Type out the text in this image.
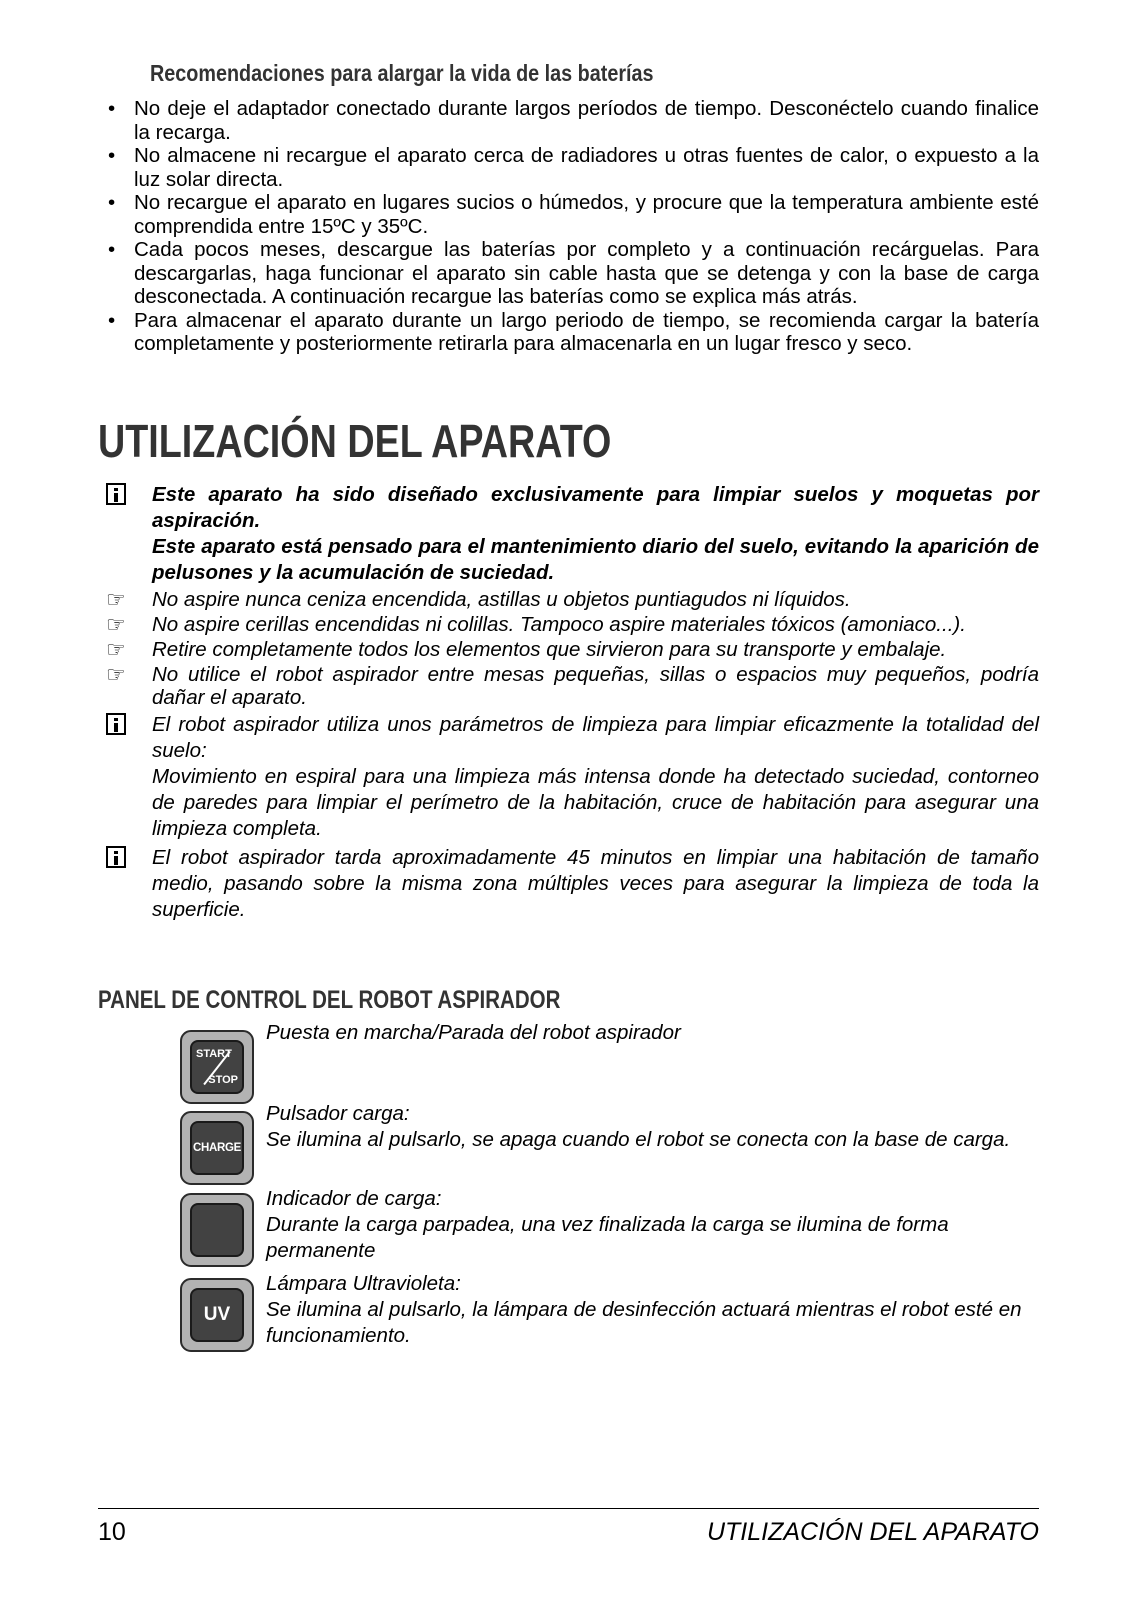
Recomendaciones para alargar la vida de las baterías
• No deje el adaptador conectado durante largos períodos de tiempo. Desconéctelo cuando finalice la recarga.
• No almacene ni recargue el aparato cerca de radiadores u otras fuentes de calor, o expuesto a la luz solar directa.
• No recargue el aparato en lugares sucios o húmedos, y procure que la temperatura ambiente esté comprendida entre 15ºC y 35ºC.
• Cada pocos meses, descargue las baterías por completo y a continuación recárguelas. Para descargarlas, haga funcionar el aparato sin cable hasta que se detenga y con la base de carga desconectada. A continuación recargue las baterías como se explica más atrás.
• Para almacenar el aparato durante un largo periodo de tiempo, se recomienda cargar la batería completamente y posteriormente retirarla para almacenarla en un lugar fresco y seco.
UTILIZACIÓN DEL APARATO
Este aparato ha sido diseñado exclusivamente para limpiar suelos y moquetas por aspiración.
Este aparato está pensado para el mantenimiento diario del suelo, evitando la aparición de pelusones y la acumulación de suciedad.
☞ No aspire nunca ceniza encendida, astillas u objetos puntiagudos ni líquidos.
☞ No aspire cerillas encendidas ni colillas. Tampoco aspire materiales tóxicos (amoniaco...).
☞ Retire completamente todos los elementos que sirvieron para su transporte y embalaje.
☞ No utilice el robot aspirador entre mesas pequeñas, sillas o espacios muy pequeños, podría dañar el aparato.
El robot aspirador utiliza unos parámetros de limpieza para limpiar eficazmente la totalidad del suelo:
Movimiento en espiral para una limpieza más intensa donde ha detectado suciedad, contorneo de paredes para limpiar el perímetro de la habitación, cruce de habitación para asegurar una limpieza completa.
El robot aspirador tarda aproximadamente 45 minutos en limpiar una habitación de tamaño medio, pasando sobre la misma zona múltiples veces para asegurar la limpieza de toda la superficie.
PANEL DE CONTROL DEL ROBOT ASPIRADOR
START
STOP
Puesta en marcha/Parada del robot aspirador
CHARGE
Pulsador carga:
Se ilumina al pulsarlo, se apaga cuando el robot se conecta con la base de carga.
Indicador de carga:
Durante la carga parpadea, una vez finalizada la carga se ilumina de forma permanente
UV
Lámpara Ultravioleta:
Se ilumina al pulsarlo, la lámpara de desinfección actuará mientras el robot esté en funcionamiento.
10	UTILIZACIÓN DEL APARATO
